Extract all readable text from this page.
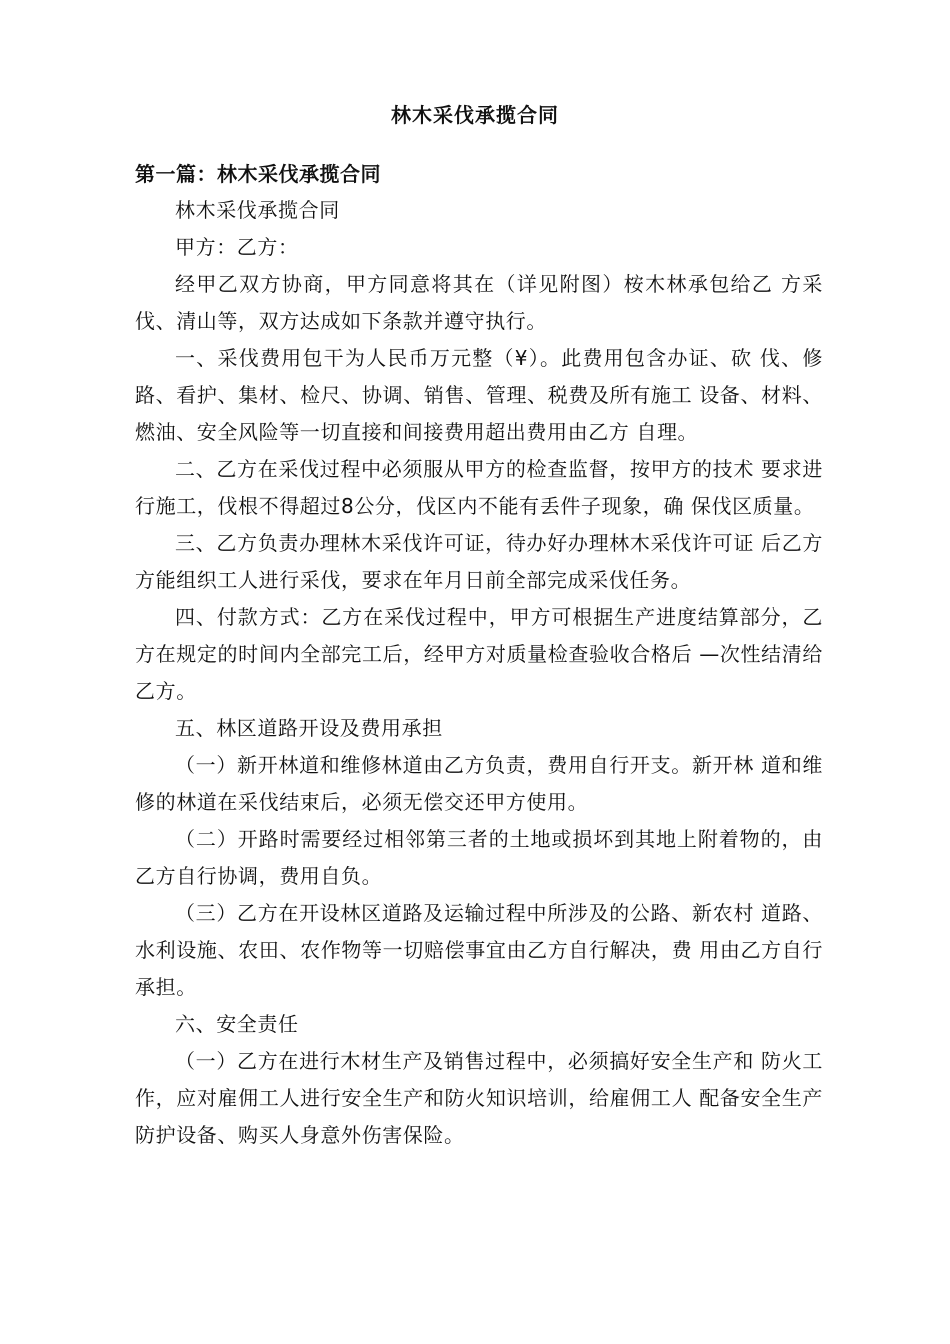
林木采伐承揽合同

第一篇：林木采伐承揽合同

林木采伐承揽合同

甲方：乙方：

经甲乙双方协商，甲方同意将其在（详见附图）桉木林承包给乙 方采伐、清山等，双方达成如下条款并遵守执行。

一、采伐费用包干为人民币万元整（¥）。此费用包含办证、砍 伐、修路、看护、集材、检尺、协调、销售、管理、税费及所有施工 设备、材料、燃油、安全风险等一切直接和间接费用超出费用由乙方 自理。

二、乙方在采伐过程中必须服从甲方的检查监督，按甲方的技术 要求进行施工，伐根不得超过8公分，伐区内不能有丢件子现象，确 保伐区质量。

三、乙方负责办理林木采伐许可证，待办好办理林木采伐许可证 后乙方方能组织工人进行采伐，要求在年月日前全部完成采伐任务。

四、付款方式：乙方在采伐过程中，甲方可根据生产进度结算部分，乙方在规定的时间内全部完工后，经甲方对质量检查验收合格后 —次性结清给乙方。

五、林区道路开设及费用承担

（一）新开林道和维修林道由乙方负责，费用自行开支。新开林 道和维修的林道在采伐结束后，必须无偿交还甲方使用。

（二）开路时需要经过相邻第三者的土地或损坏到其地上附着物的，由乙方自行协调，费用自负。

（三）乙方在开设林区道路及运输过程中所涉及的公路、新农村 道路、水利设施、农田、农作物等一切赔偿事宜由乙方自行解决，费 用由乙方自行承担。

六、安全责任

（一）乙方在进行木材生产及销售过程中，必须搞好安全生产和 防火工作，应对雇佣工人进行安全生产和防火知识培训，给雇佣工人 配备安全生产防护设备、购买人身意外伤害保险。
